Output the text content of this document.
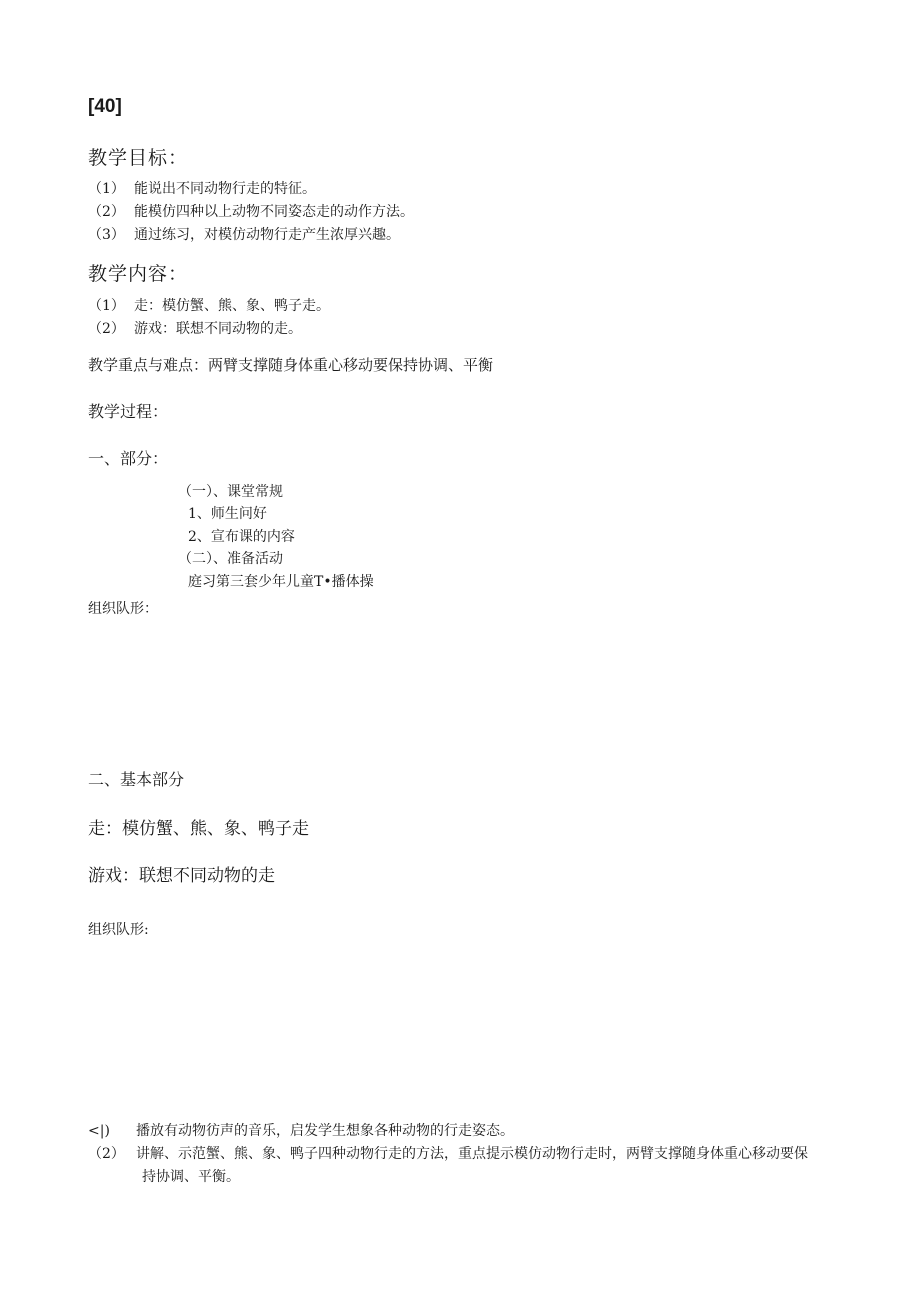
[40]
教学目标：
（1） 能说出不同动物行走的特征。
（2） 能模仿四种以上动物不同姿态走的动作方法。
（3） 通过练习，对模仿动物行走产生浓厚兴趣。
教学内容：
（1） 走：模仿蟹、熊、象、鸭子走。
（2） 游戏：联想不同动物的走。
教学重点与难点：两臂支撑随身体重心移动要保持协调、平衡
教学过程：
一、部分：
（一）、课堂常规
1、师生问好
2、宣布课的内容
（二）、准备活动
庭习第三套少年儿童T•播体操
组织队形：
二、基本部分
走：模仿蟹、熊、象、鸭子走
游戏：联想不同动物的走
组织队形:
<|) 播放有动物彷声的音乐，启发学生想象各种动物的行走姿态。
（2） 讲解、示范蟹、熊、象、鸭子四种动物行走的方法，重点提示模仿动物行走时，两臂支撑随身体重心移动要保
持协调、平衡。
